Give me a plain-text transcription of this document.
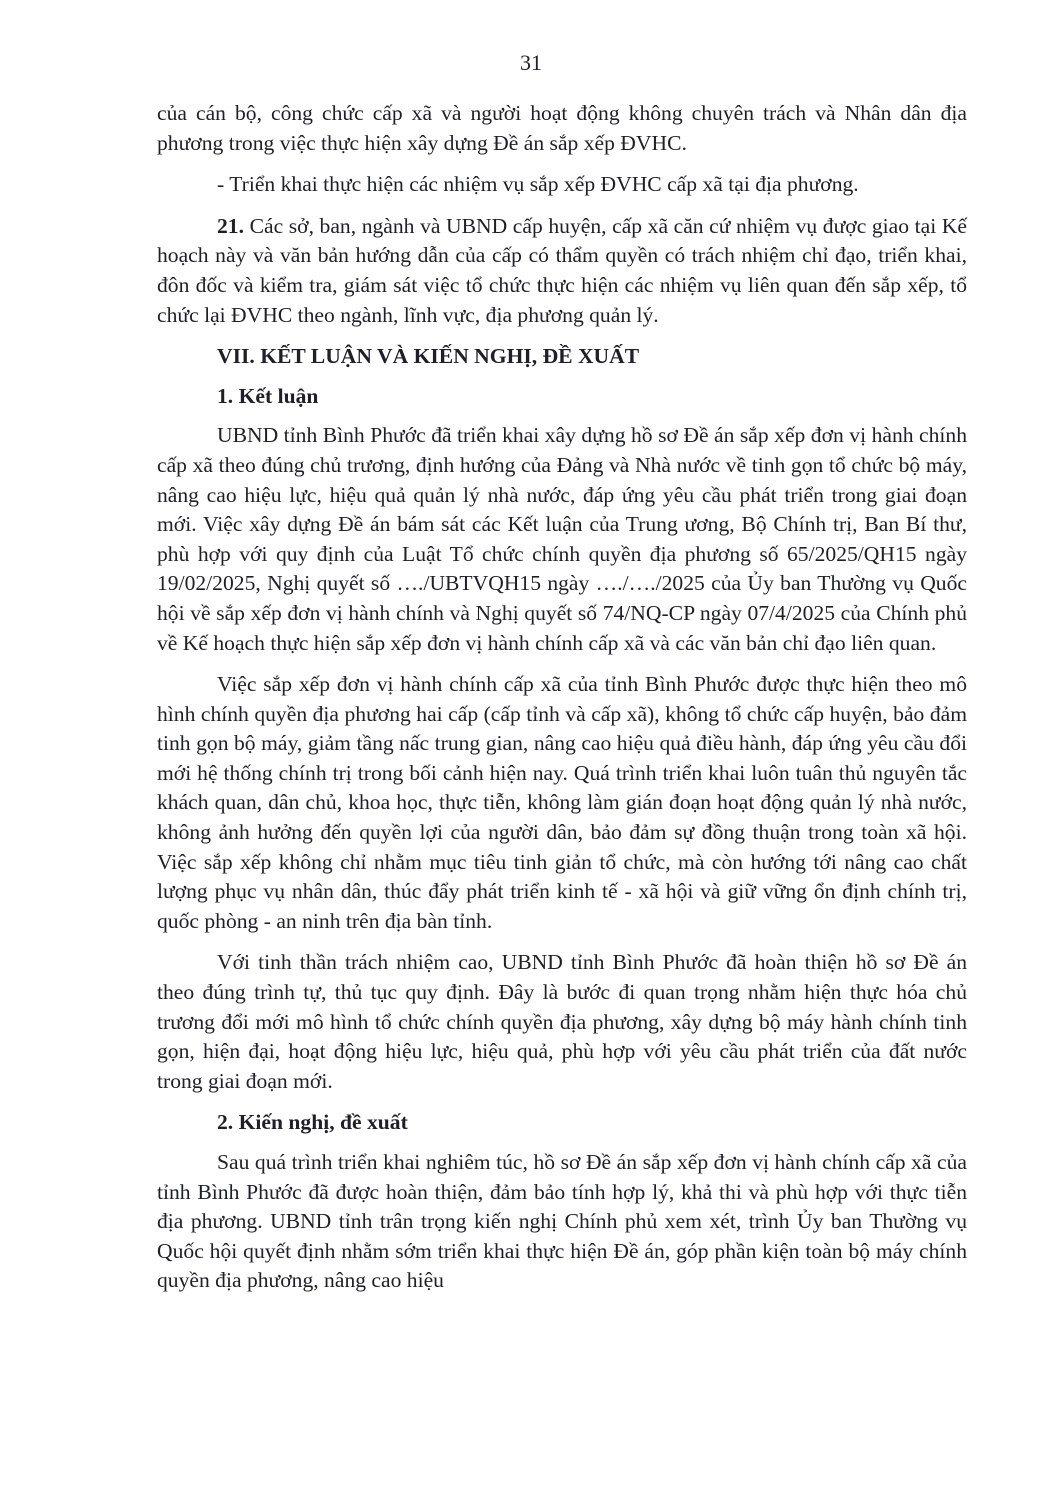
31

của cán bộ, công chức cấp xã và người hoạt động không chuyên trách và Nhân dân địa phương trong việc thực hiện xây dựng Đề án sắp xếp ĐVHC.

- Triển khai thực hiện các nhiệm vụ sắp xếp ĐVHC cấp xã tại địa phương.

21. Các sở, ban, ngành và UBND cấp huyện, cấp xã căn cứ nhiệm vụ được giao tại Kế hoạch này và văn bản hướng dẫn của cấp có thẩm quyền có trách nhiệm chỉ đạo, triển khai, đôn đốc và kiểm tra, giám sát việc tổ chức thực hiện các nhiệm vụ liên quan đến sắp xếp, tổ chức lại ĐVHC theo ngành, lĩnh vực, địa phương quản lý.

VII. KẾT LUẬN VÀ KIẾN NGHỊ, ĐỀ XUẤT
1. Kết luận

UBND tỉnh Bình Phước đã triển khai xây dựng hồ sơ Đề án sắp xếp đơn vị hành chính cấp xã theo đúng chủ trương, định hướng của Đảng và Nhà nước về tinh gọn tổ chức bộ máy, nâng cao hiệu lực, hiệu quả quản lý nhà nước, đáp ứng yêu cầu phát triển trong giai đoạn mới. Việc xây dựng Đề án bám sát các Kết luận của Trung ương, Bộ Chính trị, Ban Bí thư, phù hợp với quy định của Luật Tổ chức chính quyền địa phương số 65/2025/QH15 ngày 19/02/2025, Nghị quyết số …./UBTVQH15 ngày …./…./2025 của Ủy ban Thường vụ Quốc hội về sắp xếp đơn vị hành chính và Nghị quyết số 74/NQ-CP ngày 07/4/2025 của Chính phủ về Kế hoạch thực hiện sắp xếp đơn vị hành chính cấp xã và các văn bản chỉ đạo liên quan.

Việc sắp xếp đơn vị hành chính cấp xã của tỉnh Bình Phước được thực hiện theo mô hình chính quyền địa phương hai cấp (cấp tỉnh và cấp xã), không tổ chức cấp huyện, bảo đảm tinh gọn bộ máy, giảm tầng nấc trung gian, nâng cao hiệu quả điều hành, đáp ứng yêu cầu đổi mới hệ thống chính trị trong bối cảnh hiện nay. Quá trình triển khai luôn tuân thủ nguyên tắc khách quan, dân chủ, khoa học, thực tiễn, không làm gián đoạn hoạt động quản lý nhà nước, không ảnh hưởng đến quyền lợi của người dân, bảo đảm sự đồng thuận trong toàn xã hội. Việc sắp xếp không chỉ nhằm mục tiêu tinh giản tổ chức, mà còn hướng tới nâng cao chất lượng phục vụ nhân dân, thúc đẩy phát triển kinh tế - xã hội và giữ vững ổn định chính trị, quốc phòng - an ninh trên địa bàn tỉnh.

Với tinh thần trách nhiệm cao, UBND tỉnh Bình Phước đã hoàn thiện hồ sơ Đề án theo đúng trình tự, thủ tục quy định. Đây là bước đi quan trọng nhằm hiện thực hóa chủ trương đổi mới mô hình tổ chức chính quyền địa phương, xây dựng bộ máy hành chính tinh gọn, hiện đại, hoạt động hiệu lực, hiệu quả, phù hợp với yêu cầu phát triển của đất nước trong giai đoạn mới.

2. Kiến nghị, đề xuất

Sau quá trình triển khai nghiêm túc, hồ sơ Đề án sắp xếp đơn vị hành chính cấp xã của tỉnh Bình Phước đã được hoàn thiện, đảm bảo tính hợp lý, khả thi và phù hợp với thực tiễn địa phương. UBND tỉnh trân trọng kiến nghị Chính phủ xem xét, trình Ủy ban Thường vụ Quốc hội quyết định nhằm sớm triển khai thực hiện Đề án, góp phần kiện toàn bộ máy chính quyền địa phương, nâng cao hiệu
